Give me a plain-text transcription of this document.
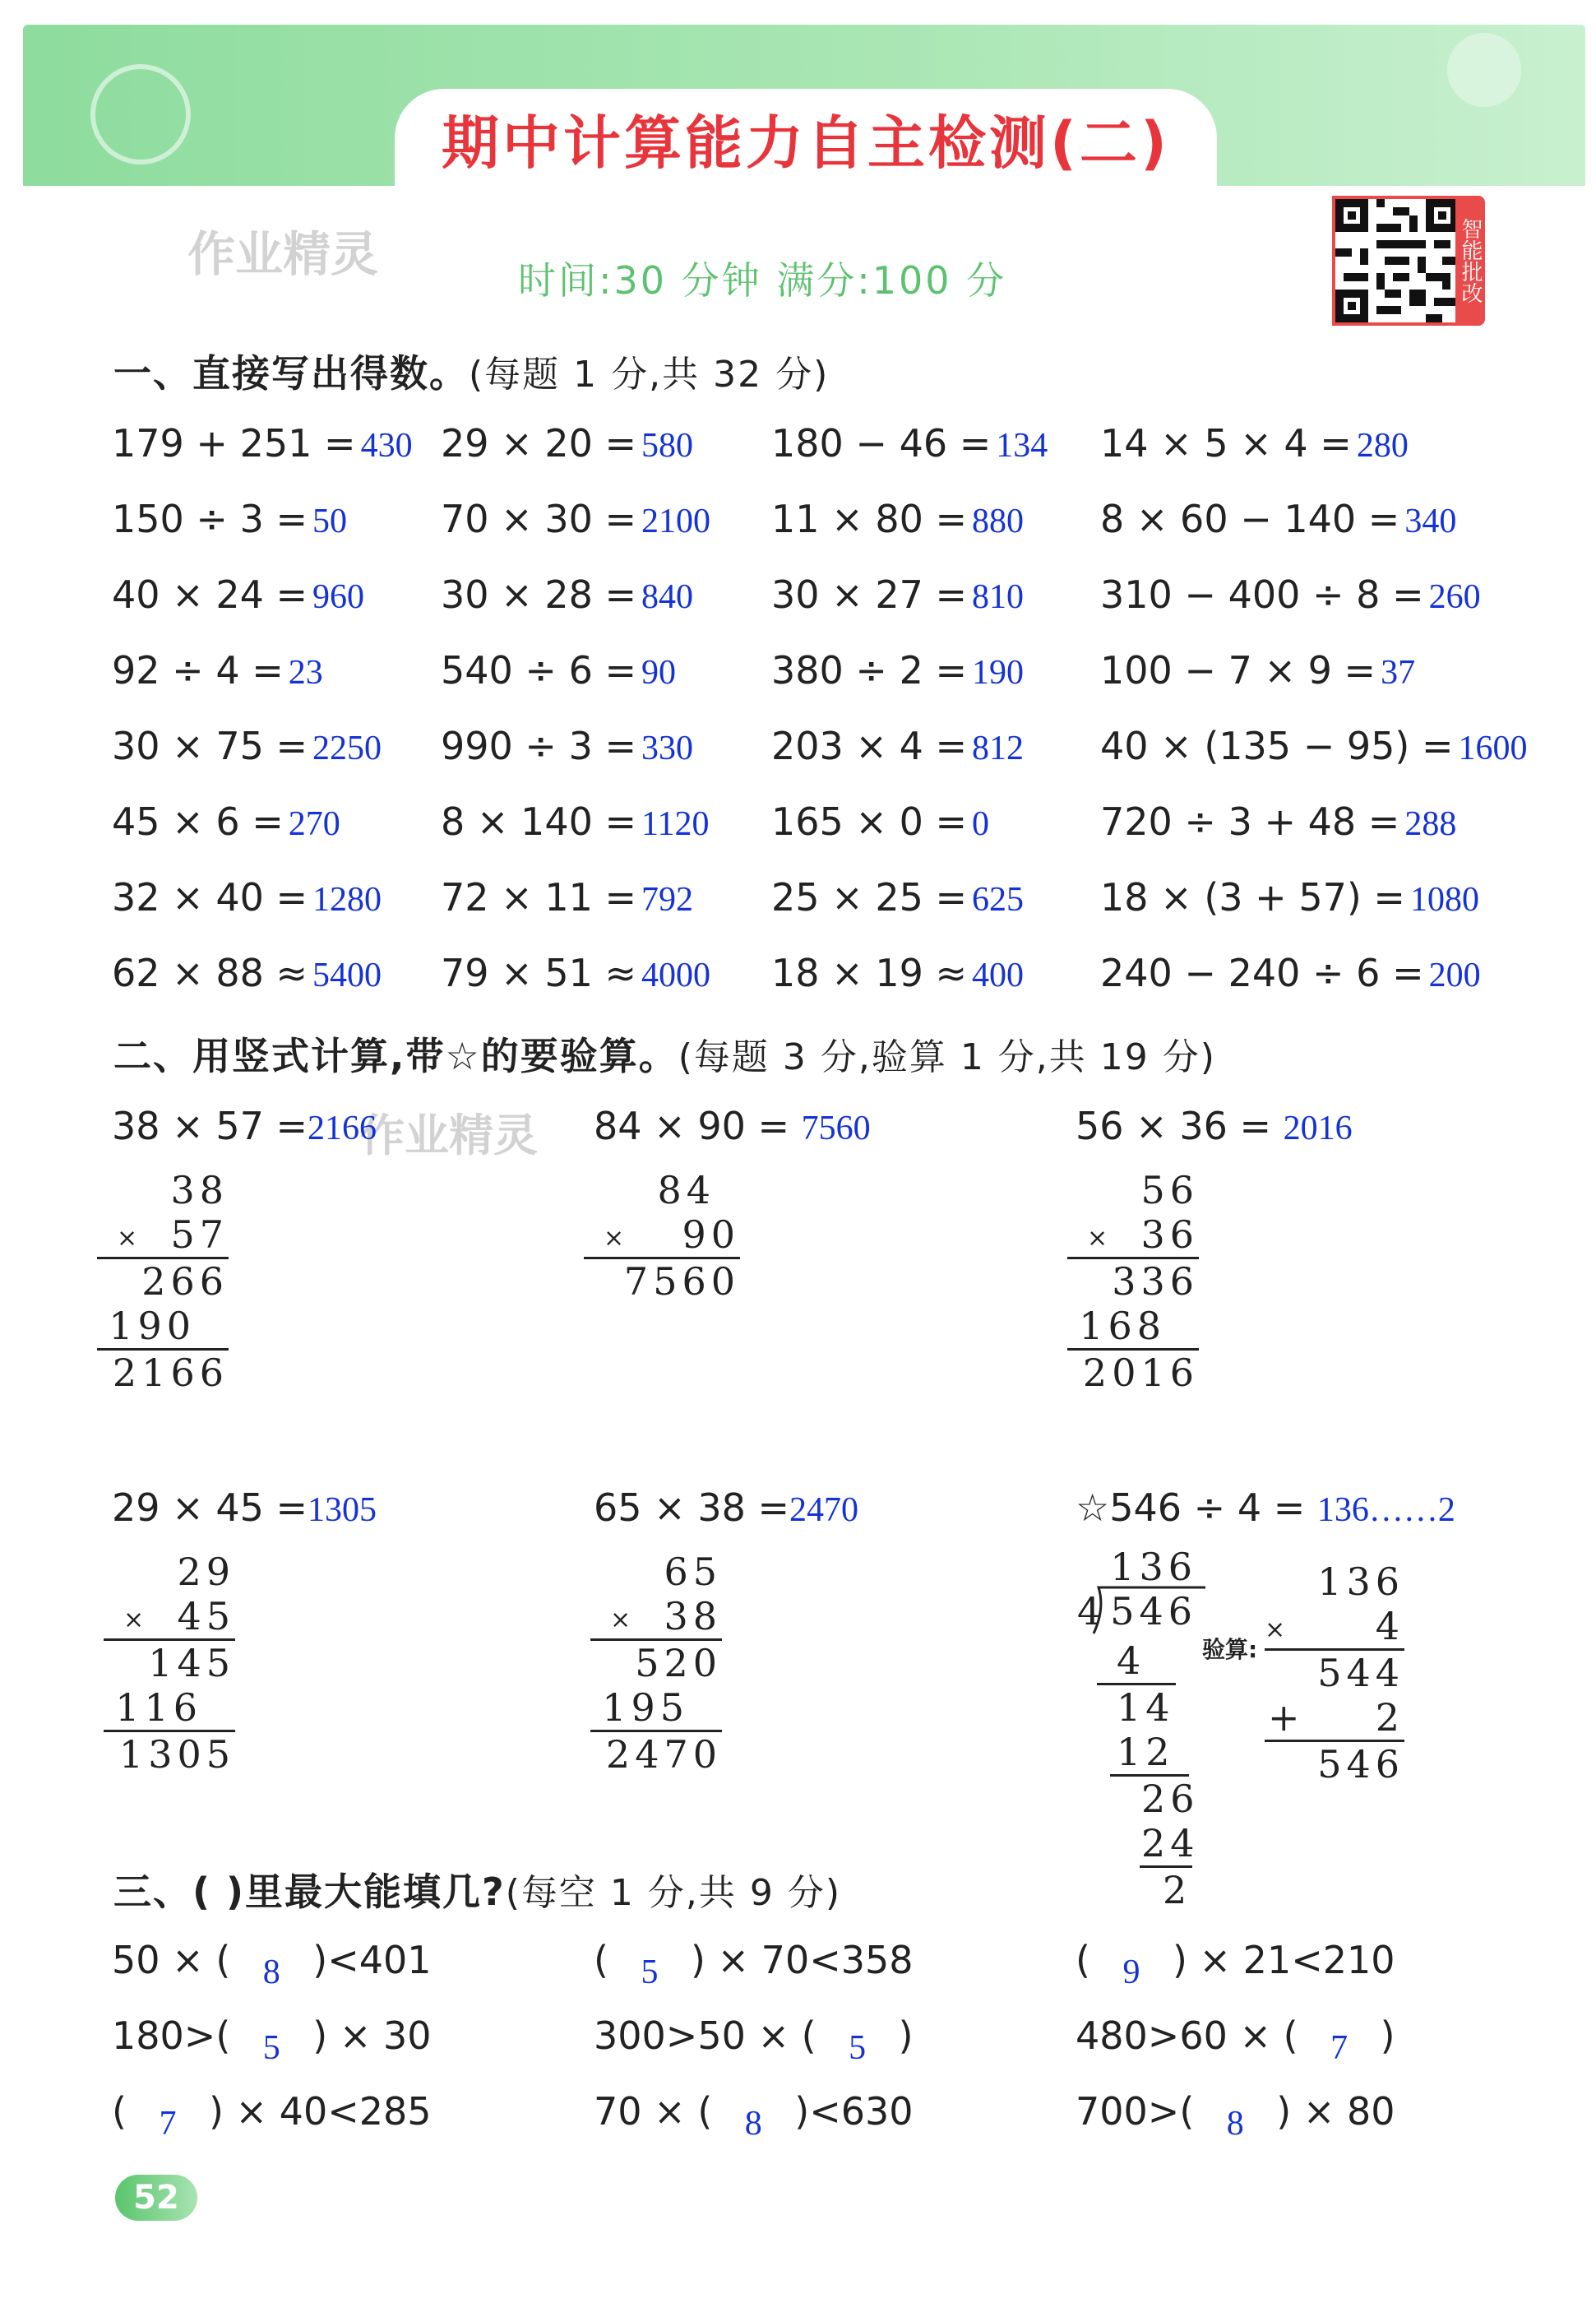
期中计算能力自主检测(二)
作业精灵	时间:30 分钟 满分:100 分	智能批改
一、直接写出得数。(每题 1 分,共 32 分)
179 + 251 = 430 29 × 20 = 580 180 − 46 = 134 14 × 5 × 4 = 280
150 ÷ 3 = 50 70 × 30 = 2100 11 × 80 = 880 8 × 60 − 140 = 340
40 × 24 = 960 30 × 28 = 840 30 × 27 = 810 310 − 400 ÷ 8 = 260
92 ÷ 4 = 23	540 ÷ 6 = 90	380 ÷ 2 = 190 100 − 7 × 9 = 37
30 × 75 = 2250 990 ÷ 3 = 330 203 × 4 = 812 40 × (135 − 95) = 1600
45 × 6 = 270	8 × 140 = 1120 165 × 0 = 0	720 ÷ 3 + 48 = 288
32 × 40 = 1280 72 × 11 = 792 25 × 25 = 625 18 × (3 + 57) = 1080
62 × 88 ≈ 5400 79 × 51 ≈ 4000 18 × 19 ≈ 400 240 − 240 ÷ 6 = 200
二、用竖式计算,带☆的要验算。(每题 3 分,验算 1 分,共 19 分)
作业精灵
38 × 57 =2166	84 × 90 = 7560	56 × 36 = 2016
29 × 45 =1305	65 × 38 =2470	☆546 ÷ 4 = 136……2
38
× 57
266
190
2166
84
× 90
7560
56
× 36
336
168
2016
29
× 45
145
116
1305
65
× 38
520
195
2470
136
4 546
4
14
12
26
24
2
验算:
136
× 4
544
+ 2
546
三、( )里最大能填几?(每空 1 分,共 9 分)
50 × ( 8 )<401	( 5 ) × 70<358	( 9 ) × 21<210
180>( 5 ) × 30	300>50 × ( 5 )	480>60 × ( 7 )
( 7 ) × 40<285	70 × ( 8 )<630	700>( 8 ) × 80
52
